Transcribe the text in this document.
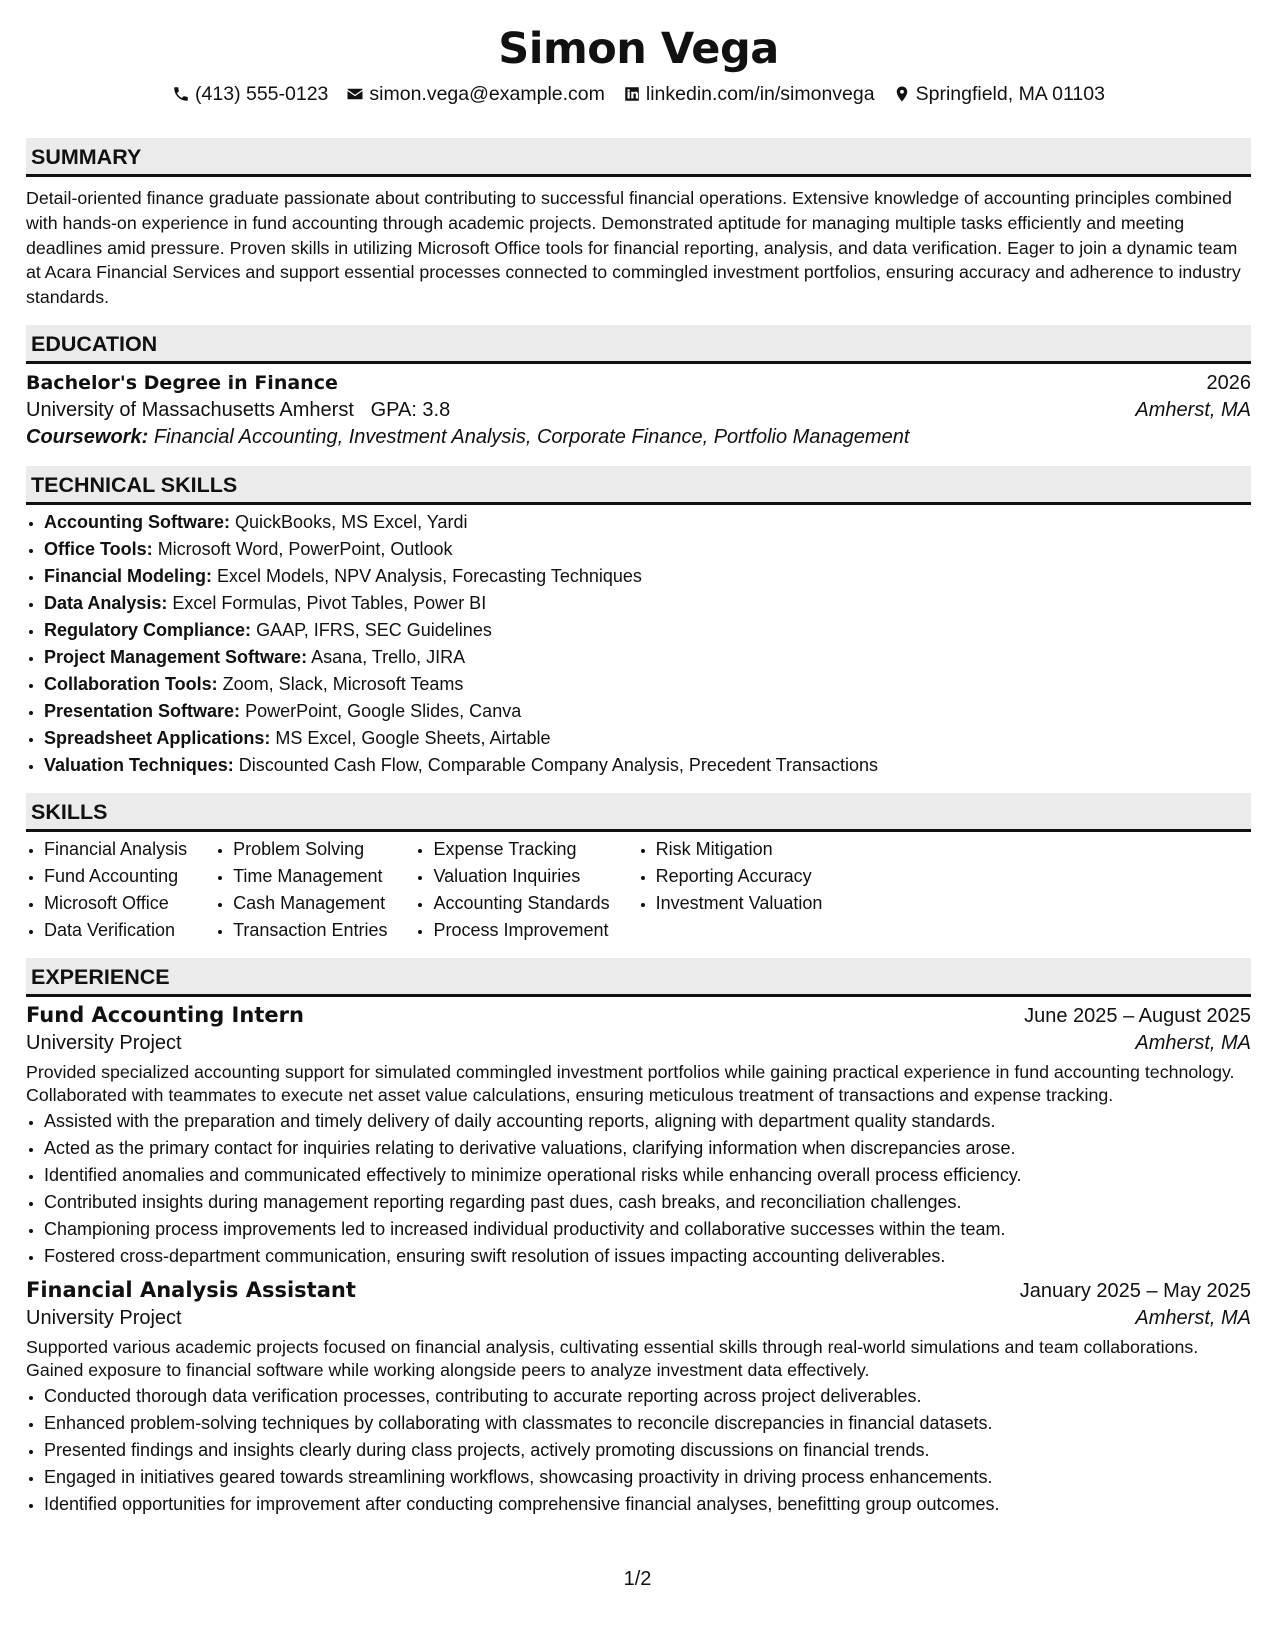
Simon Vega
(413) 555-0123 simon.vega@example.com linkedin.com/in/simonvega Springfield, MA 01103
SUMMARY
Detail-oriented finance graduate passionate about contributing to successful financial operations. Extensive knowledge of accounting principles combined with hands-on experience in fund accounting through academic projects. Demonstrated aptitude for managing multiple tasks efficiently and meeting deadlines amid pressure. Proven skills in utilizing Microsoft Office tools for financial reporting, analysis, and data verification. Eager to join a dynamic team at Acara Financial Services and support essential processes connected to commingled investment portfolios, ensuring accuracy and adherence to industry standards.
EDUCATION
Bachelor's Degree in Finance	2026
University of Massachusetts Amherst GPA: 3.8	Amherst, MA
Coursework: Financial Accounting, Investment Analysis, Corporate Finance, Portfolio Management
TECHNICAL SKILLS
• Accounting Software: QuickBooks, MS Excel, Yardi
• Office Tools: Microsoft Word, PowerPoint, Outlook
• Financial Modeling: Excel Models, NPV Analysis, Forecasting Techniques
• Data Analysis: Excel Formulas, Pivot Tables, Power BI
• Regulatory Compliance: GAAP, IFRS, SEC Guidelines
• Project Management Software: Asana, Trello, JIRA
• Collaboration Tools: Zoom, Slack, Microsoft Teams
• Presentation Software: PowerPoint, Google Slides, Canva
• Spreadsheet Applications: MS Excel, Google Sheets, Airtable
• Valuation Techniques: Discounted Cash Flow, Comparable Company Analysis, Precedent Transactions
SKILLS
• Financial Analysis
• Fund Accounting
• Microsoft Office
• Data Verification
• Problem Solving
• Time Management
• Cash Management
• Transaction Entries
• Expense Tracking
• Valuation Inquiries
• Accounting Standards
• Process Improvement
• Risk Mitigation
• Reporting Accuracy
• Investment Valuation
EXPERIENCE
Fund Accounting Intern	June 2025 – August 2025
University Project	Amherst, MA
Provided specialized accounting support for simulated commingled investment portfolios while gaining practical experience in fund accounting technology. Collaborated with teammates to execute net asset value calculations, ensuring meticulous treatment of transactions and expense tracking.
• Assisted with the preparation and timely delivery of daily accounting reports, aligning with department quality standards.
• Acted as the primary contact for inquiries relating to derivative valuations, clarifying information when discrepancies arose.
• Identified anomalies and communicated effectively to minimize operational risks while enhancing overall process efficiency.
• Contributed insights during management reporting regarding past dues, cash breaks, and reconciliation challenges.
• Championing process improvements led to increased individual productivity and collaborative successes within the team.
• Fostered cross-department communication, ensuring swift resolution of issues impacting accounting deliverables.
Financial Analysis Assistant	January 2025 – May 2025
University Project	Amherst, MA
Supported various academic projects focused on financial analysis, cultivating essential skills through real-world simulations and team collaborations. Gained exposure to financial software while working alongside peers to analyze investment data effectively.
• Conducted thorough data verification processes, contributing to accurate reporting across project deliverables.
• Enhanced problem-solving techniques by collaborating with classmates to reconcile discrepancies in financial datasets.
• Presented findings and insights clearly during class projects, actively promoting discussions on financial trends.
• Engaged in initiatives geared towards streamlining workflows, showcasing proactivity in driving process enhancements.
• Identified opportunities for improvement after conducting comprehensive financial analyses, benefitting group outcomes.
1/2
